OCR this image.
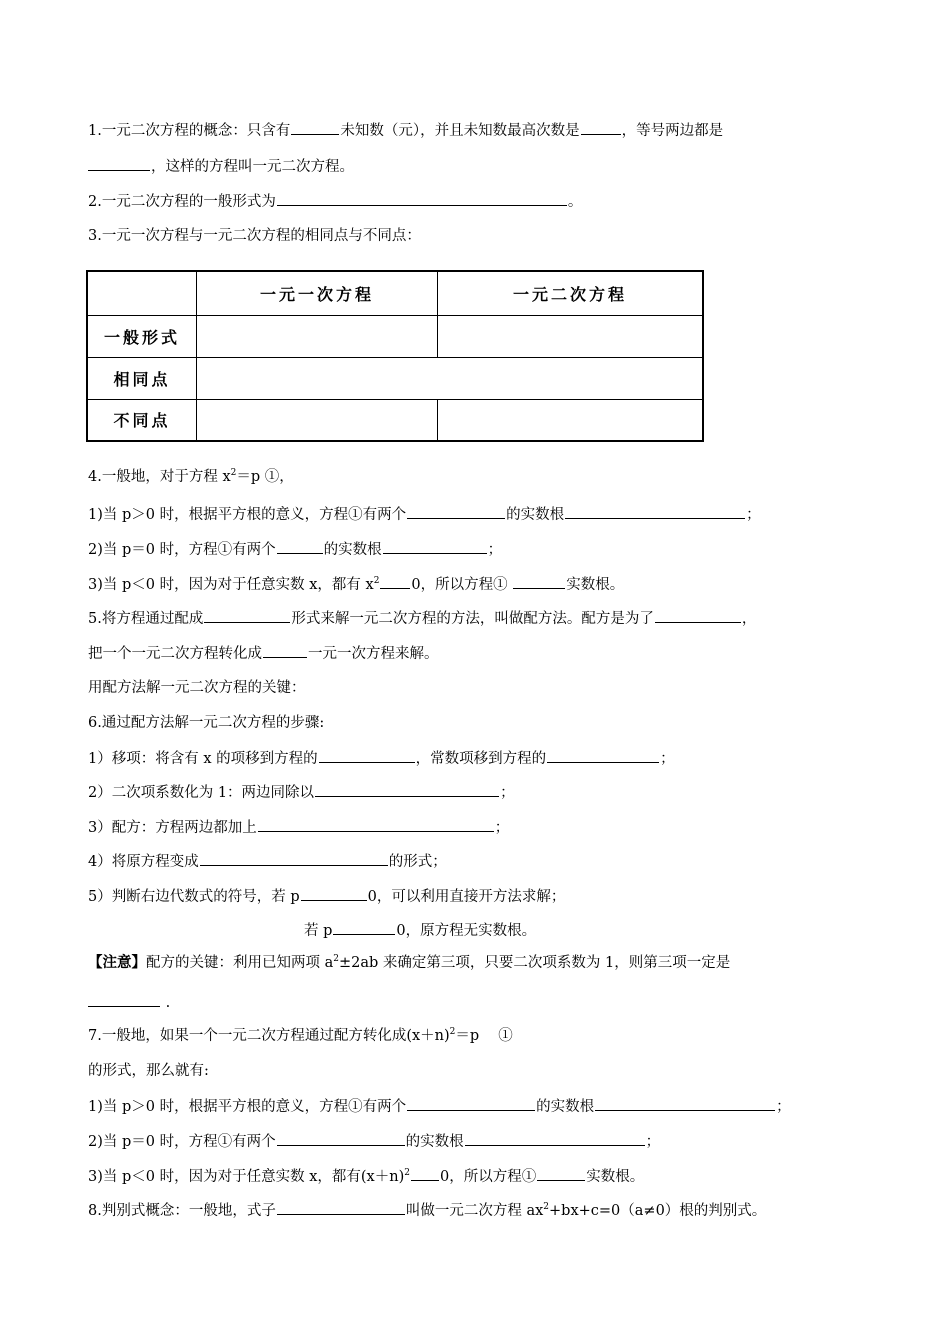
1.一元二次方程的概念：只含有	未知数（元），并且未知数最高次数是	，等号两边都是
，这样的方程叫一元二次方程。
2.一元二次方程的一般形式为	。
3.一元一次方程与一元二次方程的相同点与不同点：
	一元一次方程	一元二次方程
一般形式		
相同点		
不同点		
4.一般地，对于方程 $x^2=p$ ①，
1)当 p＞0 时，根据平方根的意义，方程①有两个	的实数根	；
2)当 p＝0 时，方程①有两个	的实数根	；
3)当 p＜0 时，因为对于任意实数 x，都有 $x^2$ 0，所以方程①	实数根。
5.将方程通过配成	形式来解一元二次方程的方法，叫做配方法。配方是为了	，
把一个一元二次方程转化成	一元一次方程来解。
用配方法解一元二次方程的关键：
6.通过配方法解一元二次方程的步骤:
1）移项：将含有 x 的项移到方程的	，常数项移到方程的	；
2）二次项系数化为 1：两边同除以	；
3）配方：方程两边都加上	；
4）将原方程变成	的形式；
5）判断右边代数式的符号，若 p	0，可以利用直接开方法求解；
若 p	0，原方程无实数根。
【注意】配方的关键：利用已知两项 $a^2\pm 2ab$ 来确定第三项，只要二次项系数为 1，则第三项一定是
.
7.一般地，如果一个一元二次方程通过配方转化成$(x+n)^2=p$　 ①
的形式，那么就有:
1)当 p＞0 时，根据平方根的意义，方程①有两个	的实数根	；
2)当 p＝0 时，方程①有两个	的实数根	；
3)当 p＜0 时，因为对于任意实数 x，都有$(x+n)^2$ 0，所以方程①	实数根。
8.判别式概念：一般地，式子	叫做一元二次方程 $ax^2+bx+c=0(a\ne 0)$根的判别式。
